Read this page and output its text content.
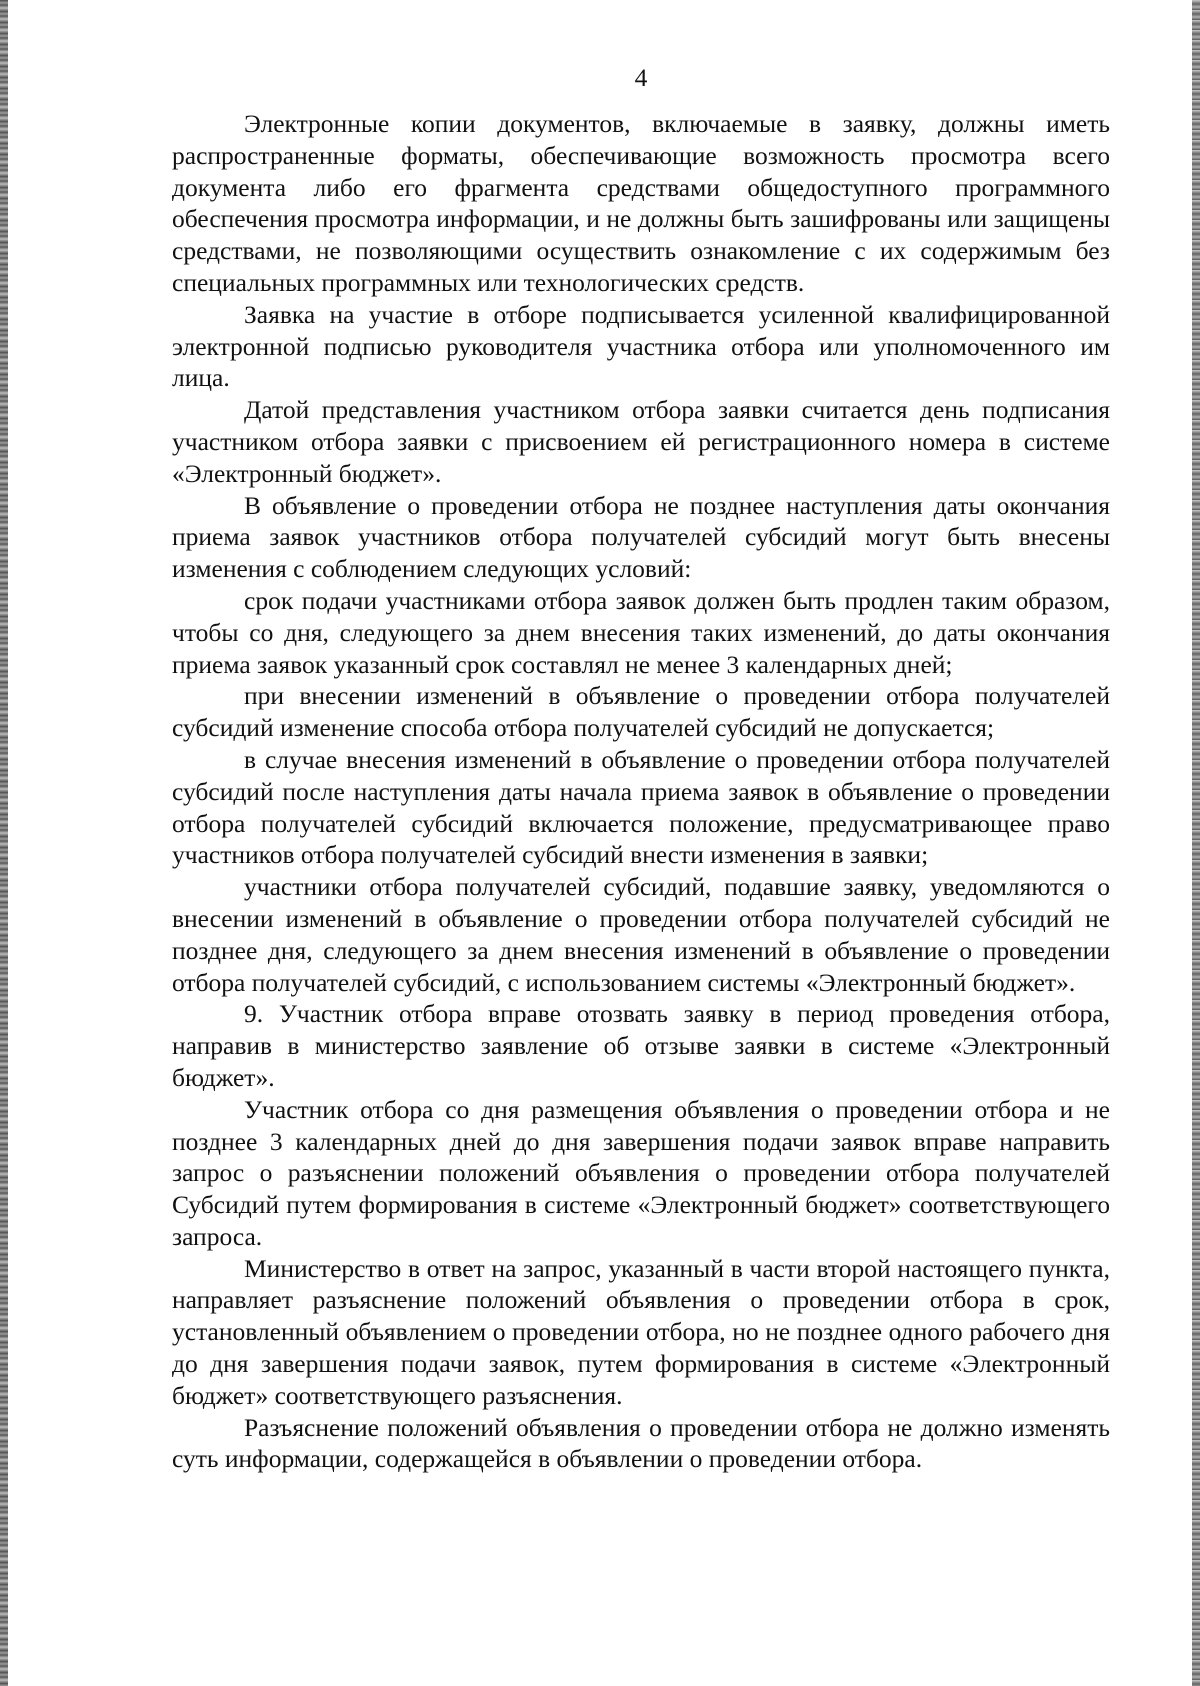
4

Электронные копии документов, включаемые в заявку, должны иметь распространенные форматы, обеспечивающие возможность просмотра всего документа либо его фрагмента средствами общедоступного программного обеспечения просмотра информации, и не должны быть зашифрованы или защищены средствами, не позволяющими осуществить ознакомление с их содержимым без специальных программных или технологических средств.

Заявка на участие в отборе подписывается усиленной квалифицированной электронной подписью руководителя участника отбора или уполномоченного им лица.

Датой представления участником отбора заявки считается день подписания участником отбора заявки с присвоением ей регистрационного номера в системе «Электронный бюджет».

В объявление о проведении отбора не позднее наступления даты окончания приема заявок участников отбора получателей субсидий могут быть внесены изменения с соблюдением следующих условий:

срок подачи участниками отбора заявок должен быть продлен таким образом, чтобы со дня, следующего за днем внесения таких изменений, до даты окончания приема заявок указанный срок составлял не менее 3 календарных дней;

при внесении изменений в объявление о проведении отбора получателей субсидий изменение способа отбора получателей субсидий не допускается;

в случае внесения изменений в объявление о проведении отбора получателей субсидий после наступления даты начала приема заявок в объявление о проведении отбора получателей субсидий включается положение, предусматривающее право участников отбора получателей субсидий внести изменения в заявки;

участники отбора получателей субсидий, подавшие заявку, уведомляются о внесении изменений в объявление о проведении отбора получателей субсидий не позднее дня, следующего за днем внесения изменений в объявление о проведении отбора получателей субсидий, с использованием системы «Электронный бюджет».

9. Участник отбора вправе отозвать заявку в период проведения отбора, направив в министерство заявление об отзыве заявки в системе «Электронный бюджет».

Участник отбора со дня размещения объявления о проведении отбора и не позднее 3 календарных дней до дня завершения подачи заявок вправе направить запрос о разъяснении положений объявления о проведении отбора получателей Субсидий путем формирования в системе «Электронный бюджет» соответствующего запроса.

Министерство в ответ на запрос, указанный в части второй настоящего пункта, направляет разъяснение положений объявления о проведении отбора в срок, установленный объявлением о проведении отбора, но не позднее одного рабочего дня до дня завершения подачи заявок, путем формирования в системе «Электронный бюджет» соответствующего разъяснения.

Разъяснение положений объявления о проведении отбора не должно изменять суть информации, содержащейся в объявлении о проведении отбора.
